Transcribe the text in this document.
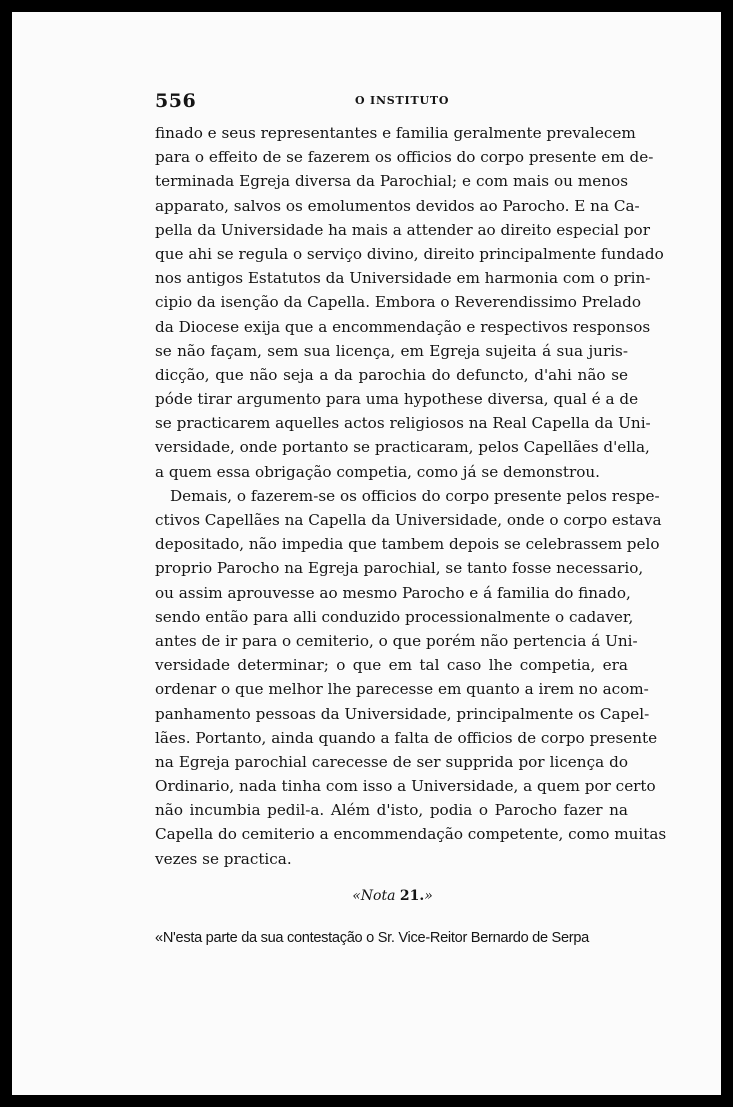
556	O INSTITUTO
finado e seus representantes e familia geralmente prevalecem
para o effeito de se fazerem os officios do corpo presente em de-
terminada Egreja diversa da Parochial; e com mais ou menos
apparato, salvos os emolumentos devidos ao Parocho. E na Ca-
pella da Universidade ha mais a attender ao direito especial por
que ahi se regula o serviço divino, direito principalmente fundado
nos antigos Estatutos da Universidade em harmonia com o prin-
cipio da isenção da Capella. Embora o Reverendissimo Prelado
da Diocese exija que a encommendação e respectivos responsos
se não façam, sem sua licença, em Egreja sujeita á sua juris-
dicção, que não seja a da parochia do defuncto, d'ahi não se
póde tirar argumento para uma hypothese diversa, qual é a de
se practicarem aquelles actos religiosos na Real Capella da Uni-
versidade, onde portanto se practicaram, pelos Capellães d'ella,
a quem essa obrigação competia, como já se demonstrou.
Demais, o fazerem-se os officios do corpo presente pelos respe-
ctivos Capellães na Capella da Universidade, onde o corpo estava
depositado, não impedia que tambem depois se celebrassem pelo
proprio Parocho na Egreja parochial, se tanto fosse necessario,
ou assim aprouvesse ao mesmo Parocho e á familia do finado,
sendo então para alli conduzido processionalmente o cadaver,
antes de ir para o cemiterio, o que porém não pertencia á Uni-
versidade determinar; o que em tal caso lhe competia, era
ordenar o que melhor lhe parecesse em quanto a irem no acom-
panhamento pessoas da Universidade, principalmente os Capel-
lães. Portanto, ainda quando a falta de officios de corpo presente
na Egreja parochial carecesse de ser supprida por licença do
Ordinario, nada tinha com isso a Universidade, a quem por certo
não incumbia pedil-a. Além d'isto, podia o Parocho fazer na
Capella do cemiterio a encommendação competente, como muitas
vezes se practica.
«Nota 21.»
«N'esta parte da sua contestação o Sr. Vice-Reitor Bernardo de Serpa
